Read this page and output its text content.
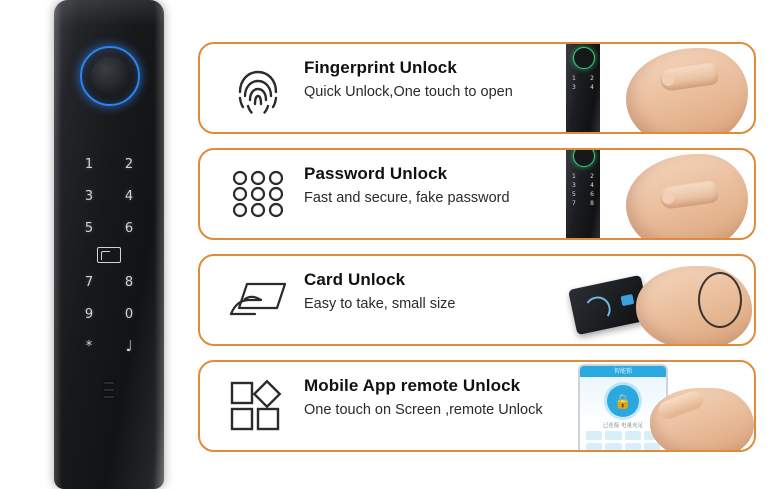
1	2
3	4
5	6
7	8
9	0
*	♩

Fingerprint Unlock

Quick Unlock,One touch to open

1 2
3 4

Password Unlock

Fast and secure, fake password

1 2
3 4
5 6
7 8

Card Unlock

Easy to take, small size

Mobile App remote Unlock

One touch on Screen ,remote Unlock

智能锁
🔒
已连接 电量充足
